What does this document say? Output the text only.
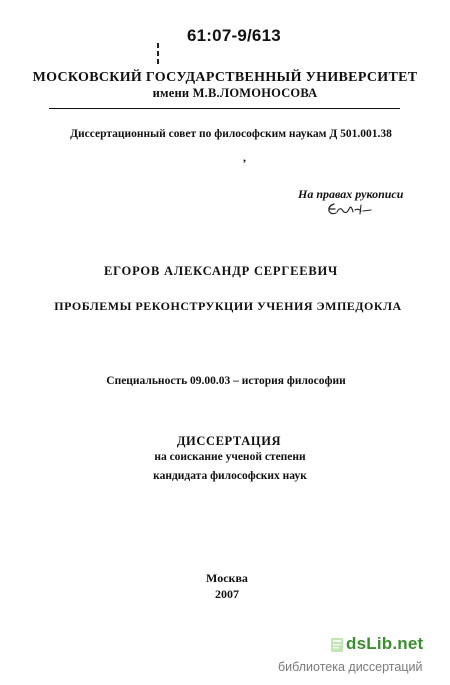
61:07-9/613
МОСКОВСКИЙ ГОСУДАРСТВЕННЫЙ УНИВЕРСИТЕТ
имени М.В.ЛОМОНОСОВА
Диссертационный совет по философским наукам Д 501.001.38
,
На правах рукописи
ЕГОРОВ АЛЕКСАНДР СЕРГЕЕВИЧ
ПРОБЛЕМЫ РЕКОНСТРУКЦИИ УЧЕНИЯ ЭМПЕДОКЛА
Специальность 09.00.03 – история философии
ДИССЕРТАЦИЯ
на соискание ученой степени
кандидата философских наук
Москва
2007
dsLib.net
библиотека диссертаций
